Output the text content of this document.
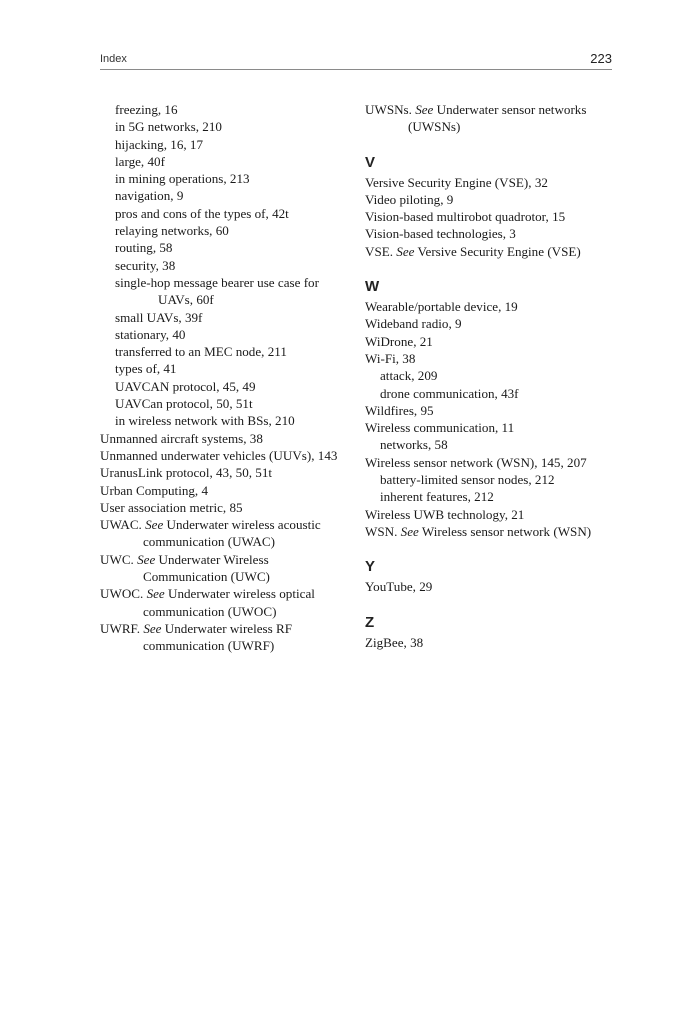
Index	223
freezing, 16
in 5G networks, 210
hijacking, 16, 17
large, 40f
in mining operations, 213
navigation, 9
pros and cons of the types of, 42t
relaying networks, 60
routing, 58
security, 38
single-hop message bearer use case for UAVs, 60f
small UAVs, 39f
stationary, 40
transferred to an MEC node, 211
types of, 41
UAVCAN protocol, 45, 49
UAVCan protocol, 50, 51t
in wireless network with BSs, 210
Unmanned aircraft systems, 38
Unmanned underwater vehicles (UUVs), 143
UranusLink protocol, 43, 50, 51t
Urban Computing, 4
User association metric, 85
UWAC. See Underwater wireless acoustic communication (UWAC)
UWC. See Underwater Wireless Communication (UWC)
UWOC. See Underwater wireless optical communication (UWOC)
UWRF. See Underwater wireless RF communication (UWRF)
UWSNs. See Underwater sensor networks (UWSNs)
V
Versive Security Engine (VSE), 32
Video piloting, 9
Vision-based multirobot quadrotor, 15
Vision-based technologies, 3
VSE. See Versive Security Engine (VSE)
W
Wearable/portable device, 19
Wideband radio, 9
WiDrone, 21
Wi-Fi, 38
attack, 209
drone communication, 43f
Wildfires, 95
Wireless communication, 11
networks, 58
Wireless sensor network (WSN), 145, 207
battery-limited sensor nodes, 212
inherent features, 212
Wireless UWB technology, 21
WSN. See Wireless sensor network (WSN)
Y
YouTube, 29
Z
ZigBee, 38
